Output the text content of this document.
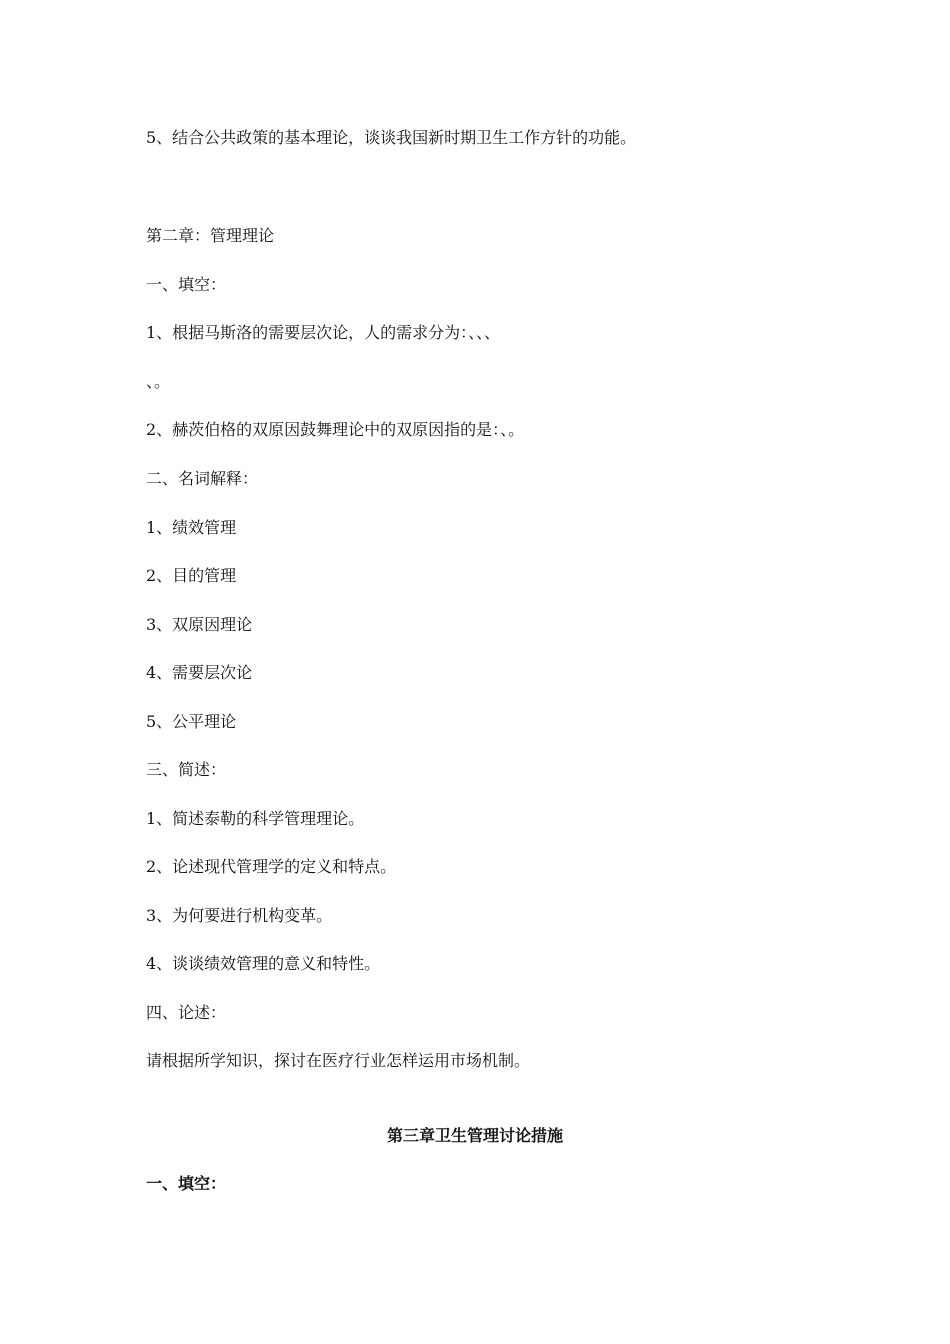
5、结合公共政策的基本理论，谈谈我国新时期卫生工作方针的功能。
第二章：管理理论
一、填空：
1、根据马斯洛的需要层次论，人的需求分为：、、、
、。
2、赫茨伯格的双原因鼓舞理论中的双原因指的是：、。
二、名词解释：
1、绩效管理
2、目的管理
3、双原因理论
4、需要层次论
5、公平理论
三、简述：
1、简述泰勒的科学管理理论。
2、论述现代管理学的定义和特点。
3、为何要进行机构变革。
4、谈谈绩效管理的意义和特性。
四、论述：
请根据所学知识，探讨在医疗行业怎样运用市场机制。
第三章卫生管理讨论措施
一、填空：
